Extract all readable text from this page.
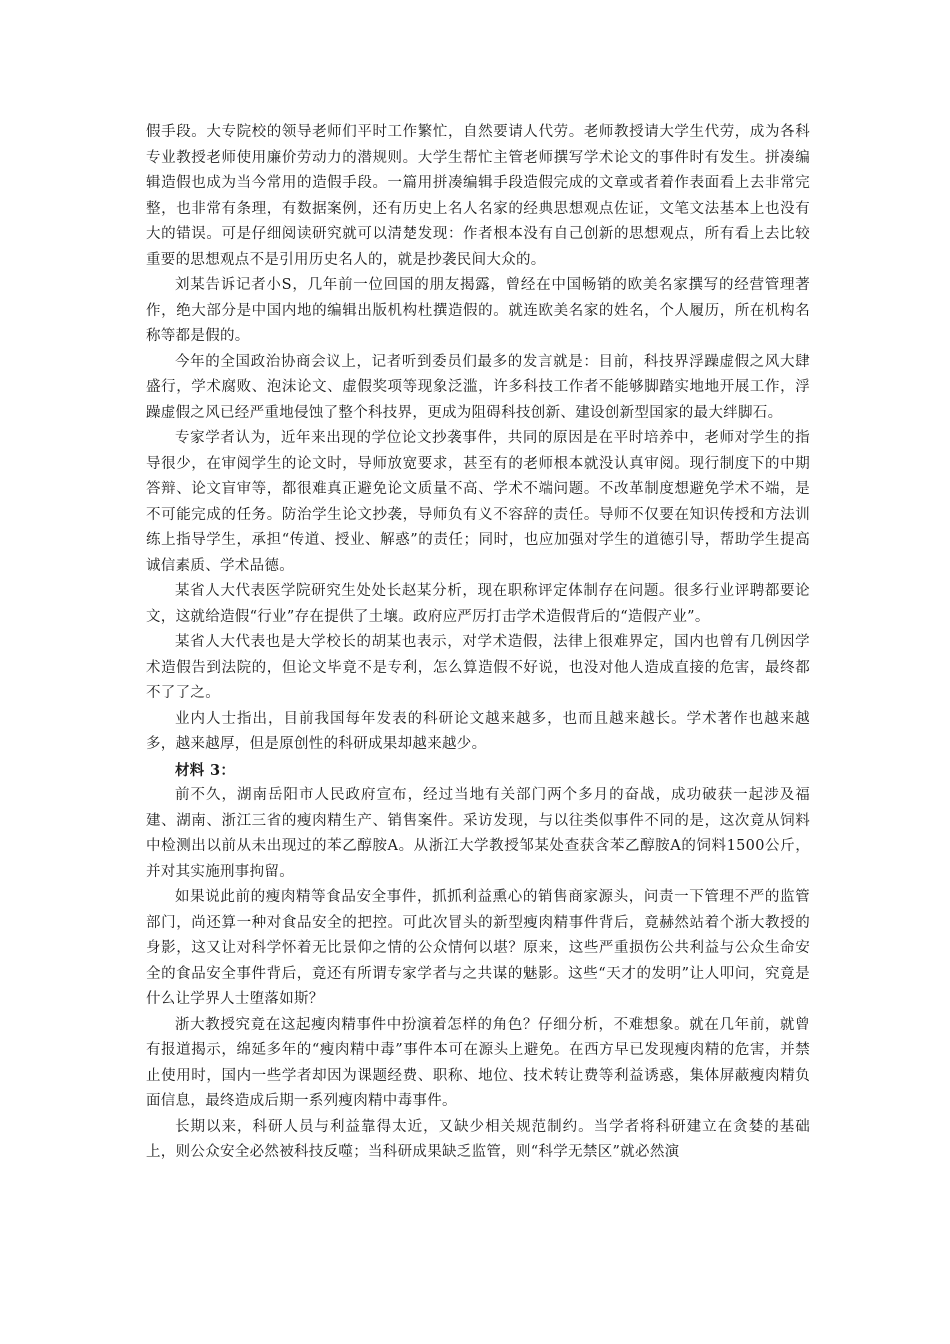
假手段。大专院校的领导老师们平时工作繁忙，自然要请人代劳。老师教授请大学生代劳，成为各科专业教授老师使用廉价劳动力的潜规则。大学生帮忙主管老师撰写学术论文的事件时有发生。拼凑编辑造假也成为当今常用的造假手段。一篇用拼凑编辑手段造假完成的文章或者着作表面看上去非常完整，也非常有条理，有数据案例，还有历史上名人名家的经典思想观点佐证，文笔文法基本上也没有大的错误。可是仔细阅读研究就可以清楚发现：作者根本没有自己创新的思想观点，所有看上去比较重要的思想观点不是引用历史名人的，就是抄袭民间大众的。

刘某告诉记者小S，几年前一位回国的朋友揭露，曾经在中国畅销的欧美名家撰写的经营管理著作，绝大部分是中国内地的编辑出版机构杜撰造假的。就连欧美名家的姓名，个人履历，所在机构名称等都是假的。

今年的全国政治协商会议上，记者听到委员们最多的发言就是：目前，科技界浮躁虚假之风大肆盛行，学术腐败、泡沫论文、虚假奖项等现象泛滥，许多科技工作者不能够脚踏实地地开展工作，浮躁虚假之风已经严重地侵蚀了整个科技界，更成为阻碍科技创新、建设创新型国家的最大绊脚石。

专家学者认为，近年来出现的学位论文抄袭事件，共同的原因是在平时培养中，老师对学生的指导很少，在审阅学生的论文时，导师放宽要求，甚至有的老师根本就没认真审阅。现行制度下的中期答辩、论文盲审等，都很难真正避免论文质量不高、学术不端问题。不改革制度想避免学术不端，是不可能完成的任务。防治学生论文抄袭，导师负有义不容辞的责任。导师不仅要在知识传授和方法训练上指导学生，承担“传道、授业、解惑”的责任；同时，也应加强对学生的道德引导，帮助学生提高诚信素质、学术品德。

某省人大代表医学院研究生处处长赵某分析，现在职称评定体制存在问题。很多行业评聘都要论文，这就给造假“行业”存在提供了土壤。政府应严厉打击学术造假背后的“造假产业”。

某省人大代表也是大学校长的胡某也表示，对学术造假，法律上很难界定，国内也曾有几例因学术造假告到法院的，但论文毕竟不是专利，怎么算造假不好说，也没对他人造成直接的危害，最终都不了了之。

业内人士指出，目前我国每年发表的科研论文越来越多，也而且越来越长。学术著作也越来越多，越来越厚，但是原创性的科研成果却越来越少。

材料 3：

前不久，湖南岳阳市人民政府宣布，经过当地有关部门两个多月的奋战，成功破获一起涉及福建、湖南、浙江三省的瘦肉精生产、销售案件。采访发现，与以往类似事件不同的是，这次竟从饲料中检测出以前从未出现过的苯乙醇胺A。从浙江大学教授邹某处查获含苯乙醇胺A的饲料1500公斤，并对其实施刑事拘留。

如果说此前的瘦肉精等食品安全事件，抓抓利益熏心的销售商家源头，问责一下管理不严的监管部门，尚还算一种对食品安全的把控。可此次冒头的新型瘦肉精事件背后，竟赫然站着个浙大教授的身影，这又让对科学怀着无比景仰之情的公众情何以堪？原来，这些严重损伤公共利益与公众生命安全的食品安全事件背后，竟还有所谓专家学者与之共谋的魅影。这些“天才的发明”让人叩问，究竟是什么让学界人士堕落如斯？

浙大教授究竟在这起瘦肉精事件中扮演着怎样的角色？仔细分析，不难想象。就在几年前，就曾有报道揭示，绵延多年的“瘦肉精中毒”事件本可在源头上避免。在西方早已发现瘦肉精的危害，并禁止使用时，国内一些学者却因为课题经费、职称、地位、技术转让费等利益诱惑，集体屏蔽瘦肉精负面信息，最终造成后期一系列瘦肉精中毒事件。

长期以来，科研人员与利益靠得太近，又缺少相关规范制约。当学者将科研建立在贪婪的基础上，则公众安全必然被科技反噬；当科研成果缺乏监管，则“科学无禁区”就必然演
